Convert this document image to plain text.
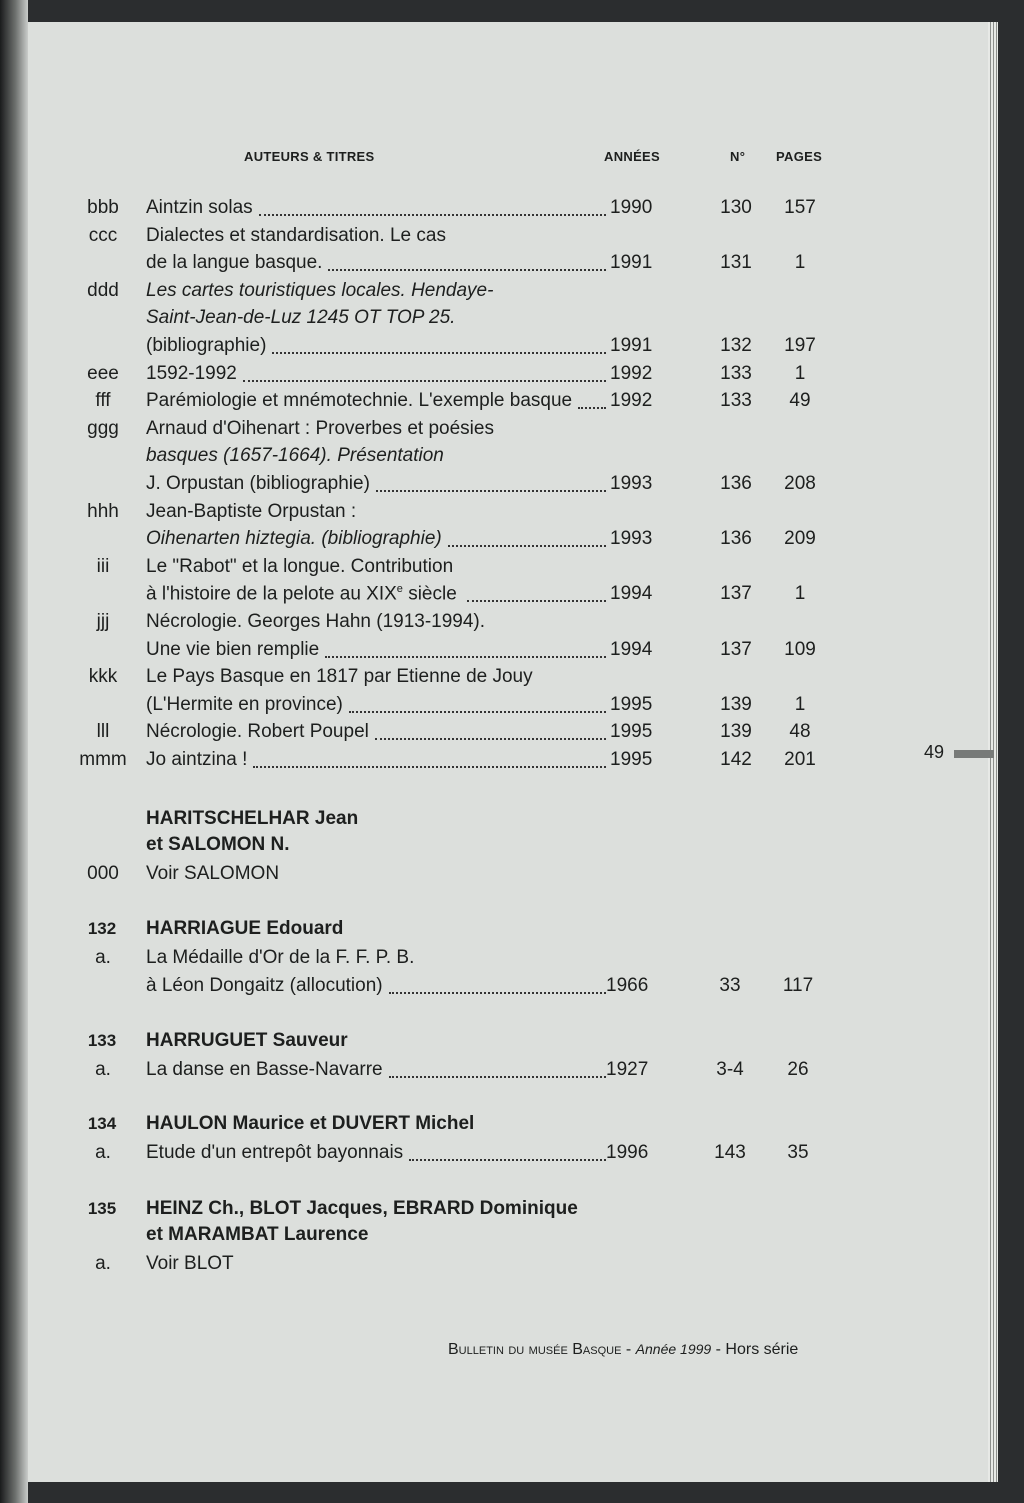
AUTEURS & TITRES	ANNÉES	N° PAGES
bbb	Aintzin solas	1990	130	157
ccc	Dialectes et standardisation. Le cas
de la langue basque.	1991	131	1
ddd	Les cartes touristiques locales. Hendaye-
Saint-Jean-de-Luz 1245 OT TOP 25.
(bibliographie)	1991	132	197
eee	1592-1992	1992	133	1
fff	Parémiologie et mnémotechnie. L'exemple basque 1992	133	49
ggg	Arnaud d'Oihenart : Proverbes et poésies
basques (1657-1664). Présentation
J. Orpustan (bibliographie)	1993	136	208
hhh	Jean-Baptiste Orpustan :
Oihenarten hiztegia. (bibliographie)	1993	136	209
iii	Le "Rabot" et la longue. Contribution
à l'histoire de la pelote au XIXe siècle	1994	137	1
jjj	Nécrologie. Georges Hahn (1913-1994).
Une vie bien remplie	1994	137	109
kkk	Le Pays Basque en 1817 par Etienne de Jouy
(L'Hermite en province)	1995	139	1
lll	Nécrologie. Robert Poupel	1995	139	48
mmm	Jo aintzina !	1995	142	201
HARITSCHELHAR Jean
et SALOMON N.
000	Voir SALOMON
132 HARRIAGUE Edouard
a.	La Médaille d'Or de la F. F. P. B.
à Léon Dongaitz (allocution)	1966	33	117
133 HARRUGUET Sauveur
a.	La danse en Basse-Navarre	1927	3-4	26
134 HAULON Maurice et DUVERT Michel
a.	Etude d'un entrepôt bayonnais	1996	143	35
135 HEINZ Ch., BLOT Jacques, EBRARD Dominique
et MARAMBAT Laurence
a.	Voir BLOT
49
Bulletin du musée Basque - Année 1999 - Hors série
